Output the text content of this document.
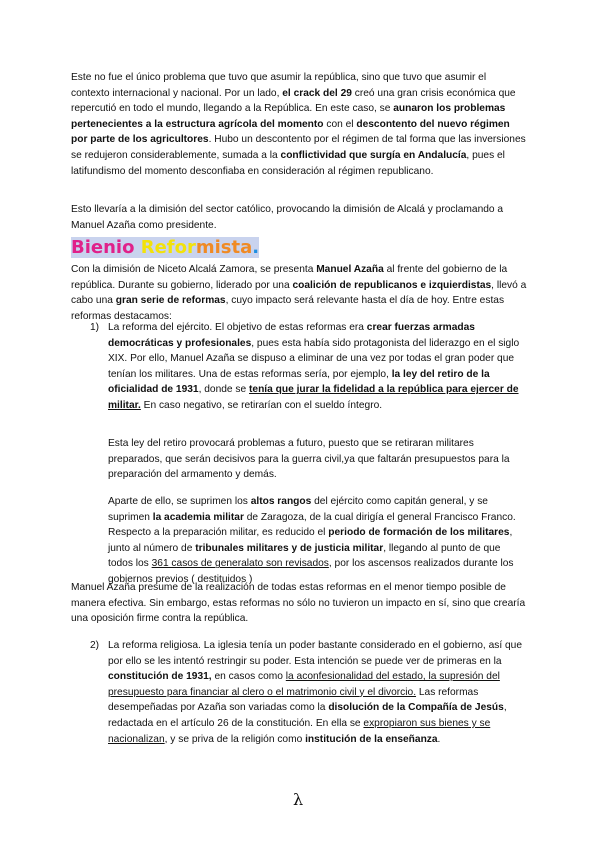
Este no fue el único problema que tuvo que asumir la república, sino que tuvo que asumir el contexto internacional y nacional. Por un lado, el crack del 29 creó una gran crisis económica que repercutió en todo el mundo, llegando a la República. En este caso, se aunaron los problemas pertenecientes a la estructura agrícola del momento con el descontento del nuevo régimen por parte de los agricultores. Hubo un descontento por el régimen de tal forma que las inversiones se redujeron considerablemente, sumada a la conflictividad que surgía en Andalucía, pues el latifundismo del momento desconfiaba en consideración al régimen republicano.

Esto llevaría a la dimisión del sector católico, provocando la dimisión de Alcalá y proclamando a Manuel Azaña como presidente.

Bienio Reformista.

Con la dimisión de Niceto Alcalá Zamora, se presenta Manuel Azaña al frente del gobierno de la república. Durante su gobierno, liderado por una coalición de republicanos e izquierdistas, llevó a cabo una gran serie de reformas, cuyo impacto será relevante hasta el día de hoy. Entre estas reformas destacamos:

1) La reforma del ejército. El objetivo de estas reformas era crear fuerzas armadas democráticas y profesionales, pues esta había sido protagonista del liderazgo en el siglo XIX. Por ello, Manuel Azaña se dispuso a eliminar de una vez por todas el gran poder que tenían los militares. Una de estas reformas sería, por ejemplo, la ley del retiro de la oficialidad de 1931, donde se tenía que jurar la fidelidad a la república para ejercer de militar. En caso negativo, se retirarían con el sueldo íntegro.

Esta ley del retiro provocará problemas a futuro, puesto que se retiraran militares preparados, que serán decisivos para la guerra civil,ya que faltarán presupuestos para la preparación del armamento y demás.

Aparte de ello, se suprimen los altos rangos del ejército como capitán general, y se suprimen la academia militar de Zaragoza, de la cual dirigía el general Francisco Franco. Respecto a la preparación militar, es reducido el periodo de formación de los militares, junto al número de tribunales militares y de justicia militar, llegando al punto de que todos los 361 casos de generalato son revisados, por los ascensos realizados durante los gobiernos previos ( destituidos )

Manuel Azaña presume de la realización de todas estas reformas en el menor tiempo posible de manera efectiva. Sin embargo, estas reformas no sólo no tuvieron un impacto en sí, sino que crearía una oposición firme contra la república.

2) La reforma religiosa. La iglesia tenía un poder bastante considerado en el gobierno, así que por ello se les intentó restringir su poder. Esta intención se puede ver de primeras en la constitución de 1931, en casos como la aconfesionalidad del estado, la supresión del presupuesto para financiar al clero o el matrimonio civil y el divorcio. Las reformas desempeñadas por Azaña son variadas como la disolución de la Compañía de Jesús, redactada en el artículo 26 de la constitución. En ella se expropiaron sus bienes y se nacionalizan, y se priva de la religión como institución de la enseñanza.

λ
